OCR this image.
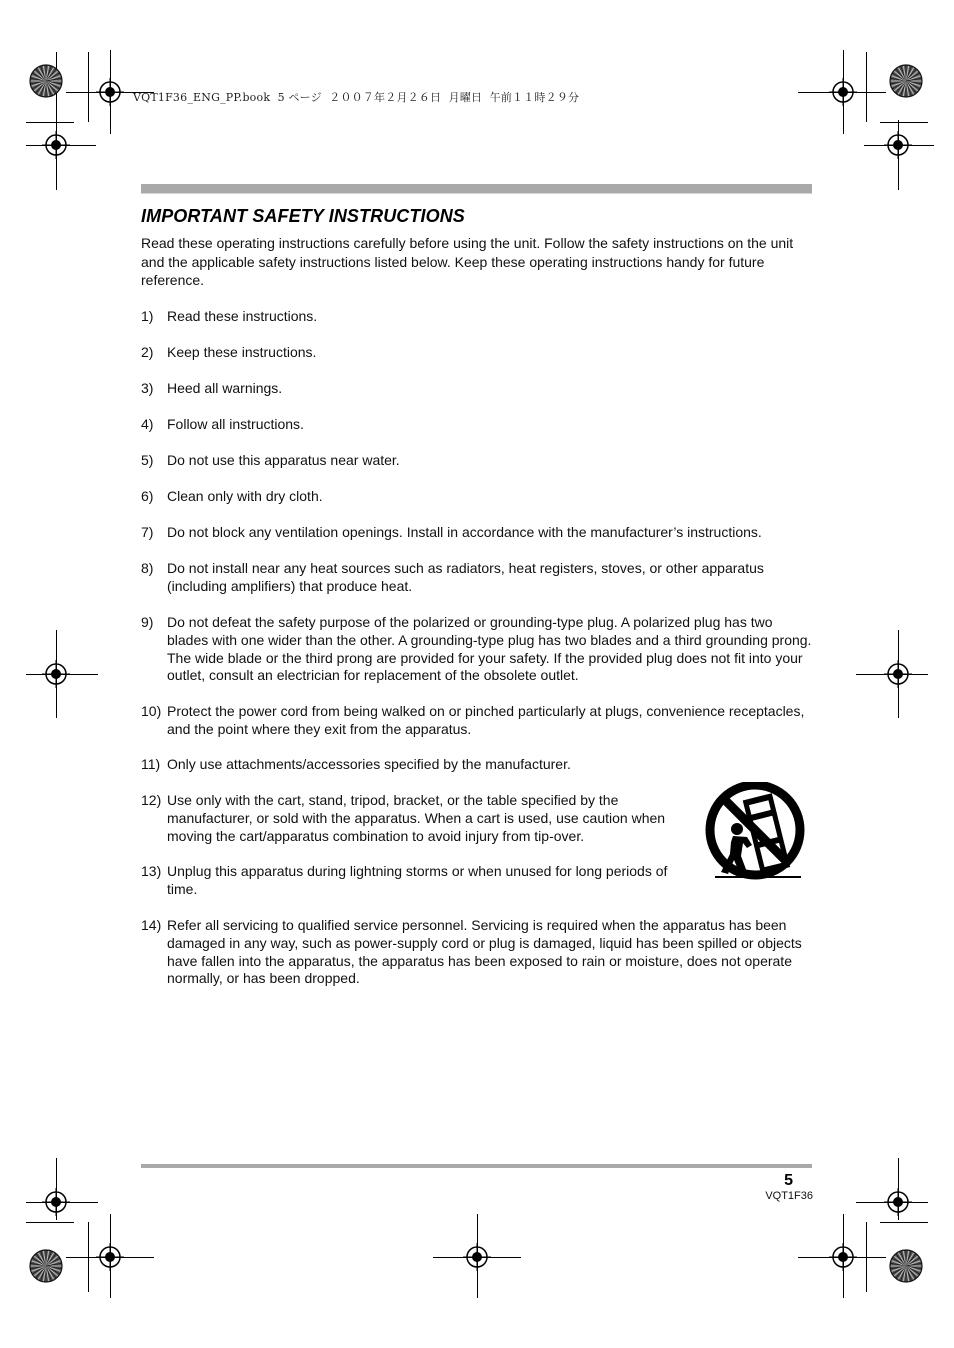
VQT1F36_ENG_PP.book  5 ページ  ２００７年２月２６日  月曜日  午前１１時２９分
IMPORTANT SAFETY INSTRUCTIONS

Read these operating instructions carefully before using the unit. Follow the safety instructions on the unit and the applicable safety instructions listed below. Keep these operating instructions handy for future reference.

1) Read these instructions.
2) Keep these instructions.
3) Heed all warnings.
4) Follow all instructions.
5) Do not use this apparatus near water.
6) Clean only with dry cloth.
7) Do not block any ventilation openings. Install in accordance with the manufacturer’s instructions.
8) Do not install near any heat sources such as radiators, heat registers, stoves, or other apparatus (including amplifiers) that produce heat.
9) Do not defeat the safety purpose of the polarized or grounding-type plug. A polarized plug has two blades with one wider than the other. A grounding-type plug has two blades and a third grounding prong. The wide blade or the third prong are provided for your safety. If the provided plug does not fit into your outlet, consult an electrician for replacement of the obsolete outlet.
10) Protect the power cord from being walked on or pinched particularly at plugs, convenience receptacles, and the point where they exit from the apparatus.
11) Only use attachments/accessories specified by the manufacturer.
12) Use only with the cart, stand, tripod, bracket, or the table specified by the manufacturer, or sold with the apparatus. When a cart is used, use caution when moving the cart/apparatus combination to avoid injury from tip-over.
13) Unplug this apparatus during lightning storms or when unused for long periods of time.
14) Refer all servicing to qualified service personnel. Servicing is required when the apparatus has been damaged in any way, such as power-supply cord or plug is damaged, liquid has been spilled or objects have fallen into the apparatus, the apparatus has been exposed to rain or moisture, does not operate normally, or has been dropped.
5
VQT1F36
